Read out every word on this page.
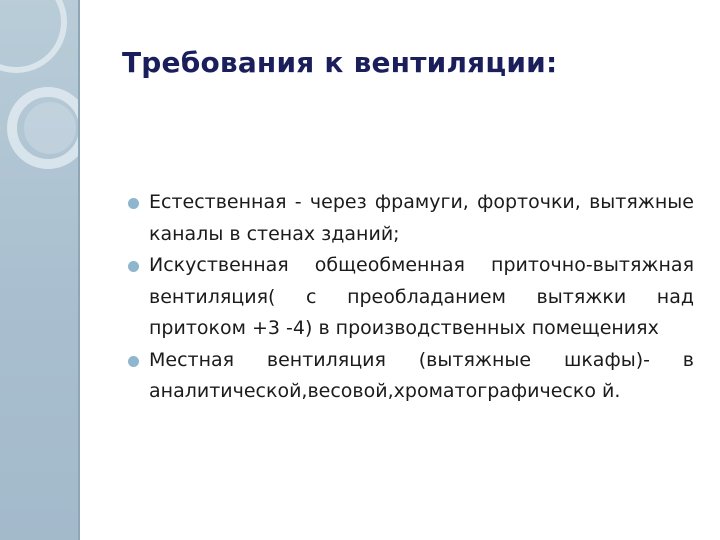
Требования к вентиляции:
Естественная - через фрамуги, форточки, вытяжные каналы в стенах зданий;
Искуственная общеобменная приточно-вытяжная вентиляция( с преобладанием вытяжки над притоком +3 -4) в производственных помещениях
Местная вентиляция (вытяжные шкафы)- в аналитической,весовой,хроматографическо й.
